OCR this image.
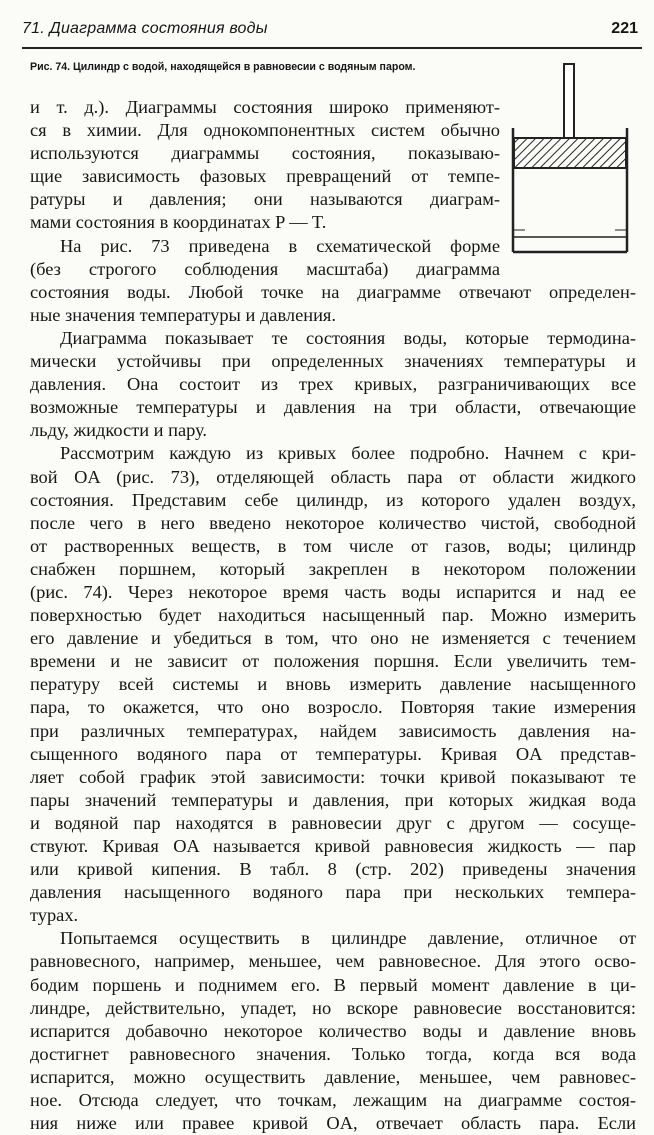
71. Диаграмма состояния воды	221
Рис. 74. Цилиндр с водой, находящейся в равновесии с водяным паром.
и т. д.). Диаграммы состояния широко применяют-
ся в химии. Для однокомпонентных систем обычно
используются диаграммы состояния, показываю-
щие зависимость фазовых превращений от темпе-
ратуры и давления; они называются диаграм-
мами состояния в координатах P — T.
На рис. 73 приведена в схематической форме
(без строгого соблюдения масштаба) диаграмма
состояния воды. Любой точке на диаграмме отвечают определен-
ные значения температуры и давления.
Диаграмма показывает те состояния воды, которые термодина-
мически устойчивы при определенных значениях температуры и
давления. Она состоит из трех кривых, разграничивающих все
возможные температуры и давления на три области, отвечающие
льду, жидкости и пару.
Рассмотрим каждую из кривых более подробно. Начнем с кри-
вой OA (рис. 73), отделяющей область пара от области жидкого
состояния. Представим себе цилиндр, из которого удален воздух,
после чего в него введено некоторое количество чистой, свободной
от растворенных веществ, в том числе от газов, воды; цилиндр
снабжен поршнем, который закреплен в некотором положении
(рис. 74). Через некоторое время часть воды испарится и над ее
поверхностью будет находиться насыщенный пар. Можно измерить
его давление и убедиться в том, что оно не изменяется с течением
времени и не зависит от положения поршня. Если увеличить тем-
пературу всей системы и вновь измерить давление насыщенного
пара, то окажется, что оно возросло. Повторяя такие измерения
при различных температурах, найдем зависимость давления на-
сыщенного водяного пара от температуры. Кривая OA представ-
ляет собой график этой зависимости: точки кривой показывают те
пары значений температуры и давления, при которых жидкая вода
и водяной пар находятся в равновесии друг с другом — сосуще-
ствуют. Кривая OA называется кривой равновесия жидкость — пар
или кривой кипения. В табл. 8 (стр. 202) приведены значения
давления насыщенного водяного пара при нескольких темпера-
турах.
Попытаемся осуществить в цилиндре давление, отличное от
равновесного, например, меньшее, чем равновесное. Для этого осво-
бодим поршень и поднимем его. В первый момент давление в ци-
линдре, действительно, упадет, но вскоре равновесие восстановится:
испарится добавочно некоторое количество воды и давление вновь
достигнет равновесного значения. Только тогда, когда вся вода
испарится, можно осуществить давление, меньшее, чем равновес-
ное. Отсюда следует, что точкам, лежащим на диаграмме состоя-
ния ниже или правее кривой OA, отвечает область пара. Если
